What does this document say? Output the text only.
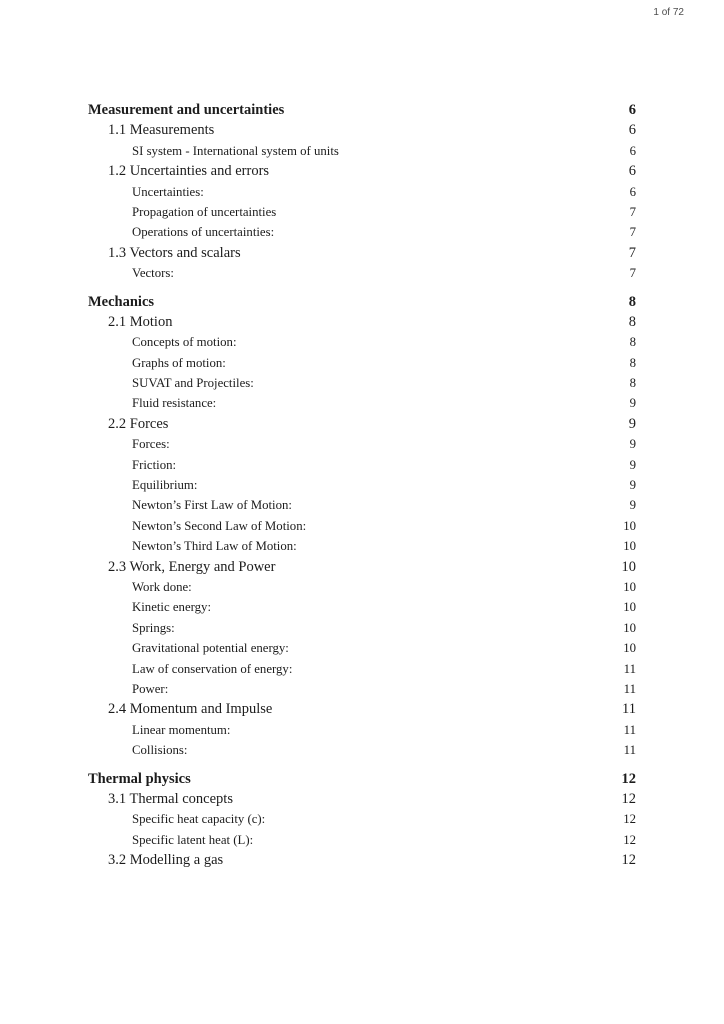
1 of 72
Measurement and uncertainties	6
1.1 Measurements	6
SI system - International system of units	6
1.2 Uncertainties and errors	6
Uncertainties:	6
Propagation of uncertainties	7
Operations of uncertainties:	7
1.3 Vectors and scalars	7
Vectors:	7
Mechanics	8
2.1 Motion	8
Concepts of motion:	8
Graphs of motion:	8
SUVAT and Projectiles:	8
Fluid resistance:	9
2.2 Forces	9
Forces:	9
Friction:	9
Equilibrium:	9
Newton’s First Law of Motion:	9
Newton’s Second Law of Motion:	10
Newton’s Third Law of Motion:	10
2.3 Work, Energy and Power	10
Work done:	10
Kinetic energy:	10
Springs:	10
Gravitational potential energy:	10
Law of conservation of energy:	11
Power:	11
2.4 Momentum and Impulse	11
Linear momentum:	11
Collisions:	11
Thermal physics	12
3.1 Thermal concepts	12
Specific heat capacity (c):	12
Specific latent heat (L):	12
3.2 Modelling a gas	12
